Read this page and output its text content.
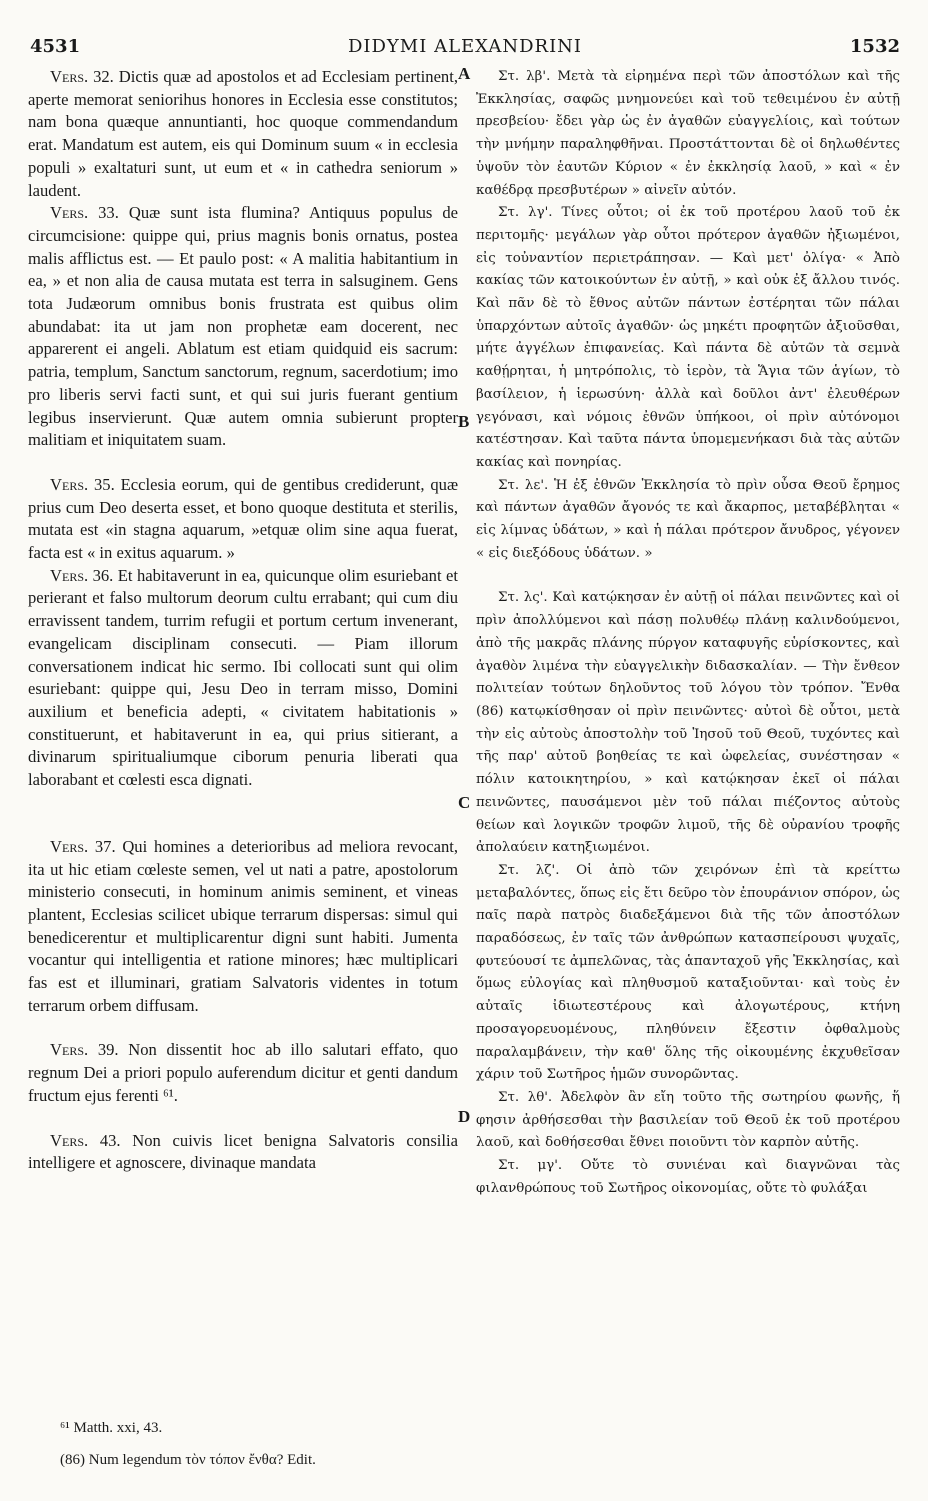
4531	DIDYMI ALEXANDRINI	1532

Vers. 32. Dictis quæ ad apostolos et ad Ecclesiam pertinent, aperte memorat seniorihus honores in Ecclesia esse constitutos; nam bona quæque annuntianti, hoc quoque commendandum erat. Mandatum est autem, eis qui Dominum suum « in ecclesia populi » exaltaturi sunt, ut eum et « in cathedra seniorum » laudent.

Vers. 33. Quæ sunt ista flumina? Antiquus populus de circumcisione: quippe qui, prius magnis bonis ornatus, postea malis afflictus est. — Et paulo post: « A malitia habitantium in ea, » et non alia de causa mutata est terra in salsuginem. Gens tota Judæorum omnibus bonis frustrata est quibus olim abundabat: ita ut jam non prophetæ eam docerent, nec apparerent ei angeli. Ablatum est etiam quidquid eis sacrum: patria, templum, Sanctum sanctorum, regnum, sacerdotium; imo pro liberis servi facti sunt, et qui sui juris fuerant gentium legibus inservierunt. Quæ autem omnia subierunt propter malitiam et iniquitatem suam.

Vers. 35. Ecclesia eorum, qui de gentibus crediderunt, quæ prius cum Deo deserta esset, et bono quoque destituta et sterilis, mutata est «in stagna aquarum, »etquæ olim sine aqua fuerat, facta est « in exitus aquarum. »

Vers. 36. Et habitaverunt in ea, quicunque olim esuriebant et perierant et falso multorum deorum cultu errabant; qui cum diu erravissent tandem, turrim refugii et portum certum invenerant, evangelicam disciplinam consecuti. — Piam illorum conversationem indicat hic sermo. Ibi collocati sunt qui olim esuriebant: quippe qui, Jesu Deo in terram misso, Domini auxilium et beneficia adepti, « civitatem habitationis » constituerunt, et habitaverunt in ea, qui prius sitierant, a divinarum spiritualiumque ciborum penuria liberati qua laborabant et cœlesti esca dignati.

Vers. 37. Qui homines a deterioribus ad meliora revocant, ita ut hic etiam cœleste semen, vel ut nati a patre, apostolorum ministerio consecuti, in hominum animis seminent, et vineas plantent, Ecclesias scilicet ubique terrarum dispersas: simul qui benedicerentur et multiplicarentur digni sunt habiti. Jumenta vocantur qui intelligentia et ratione minores; hæc multiplicari fas est et illuminari, gratiam Salvatoris videntes in totum terrarum orbem diffusam.

Vers. 39. Non dissentit hoc ab illo salutari effato, quo regnum Dei a priori populo auferendum dicitur et genti dandum fructum ejus ferenti ⁶¹.

Vers. 43. Non cuivis licet benigna Salvatoris consilia intelligere et agnoscere, divinaque mandata

A
B
C
D

Στ. λβ'. Μετὰ τὰ εἰρημένα περὶ τῶν ἀποστόλων καὶ τῆς Ἐκκλησίας, σαφῶς μνημονεύει καὶ τοῦ τεθειμένου ἐν αὐτῇ πρεσβείου· ἔδει γὰρ ὡς ἐν ἀγαθῶν εὐαγγελίοις, καὶ τούτων τὴν μνήμην παραληφθῆναι. Προστάττονται δὲ οἱ δηλωθέντες ὑψοῦν τὸν ἑαυτῶν Κύριον « ἐν ἐκκλησίᾳ λαοῦ, » καὶ « ἐν καθέδρᾳ πρεσβυτέρων » αἰνεῖν αὐτόν.

Στ. λγ'. Τίνες οὗτοι; οἱ ἐκ τοῦ προτέρου λαοῦ τοῦ ἐκ περιτομῆς· μεγάλων γὰρ οὗτοι πρότερον ἀγαθῶν ἠξιωμένοι, εἰς τοὐναντίον περιετράπησαν. — Καὶ μετ' ὀλίγα· « Ἀπὸ κακίας τῶν κατοικούντων ἐν αὐτῇ, » καὶ οὐκ ἐξ ἄλλου τινός. Καὶ πᾶν δὲ τὸ ἔθνος αὐτῶν πάντων ἐστέρηται τῶν πάλαι ὑπαρχόντων αὐτοῖς ἀγαθῶν· ὡς μηκέτι προφητῶν ἀξιοῦσθαι, μήτε ἀγγέλων ἐπιφανείας. Καὶ πάντα δὲ αὐτῶν τὰ σεμνὰ καθῄρηται, ἡ μητρόπολις, τὸ ἱερὸν, τὰ Ἅγια τῶν ἁγίων, τὸ βασίλειον, ἡ ἱερωσύνη· ἀλλὰ καὶ δοῦλοι ἀντ' ἐλευθέρων γεγόνασι, καὶ νόμοις ἐθνῶν ὑπήκοοι, οἱ πρὶν αὐτόνομοι κατέστησαν. Καὶ ταῦτα πάντα ὑπομεμενήκασι διὰ τὰς αὐτῶν κακίας καὶ πονηρίας.

Στ. λε'. Ἡ ἐξ ἐθνῶν Ἐκκλησία τὸ πρὶν οὖσα Θεοῦ ἔρημος καὶ πάντων ἀγαθῶν ἄγονός τε καὶ ἄκαρπος, μεταβέβληται « εἰς λίμνας ὑδάτων, » καὶ ἡ πάλαι πρότερον ἄνυδρος, γέγονεν « εἰς διεξόδους ὑδάτων. »

Στ. λς'. Καὶ κατῴκησαν ἐν αὐτῇ οἱ πάλαι πεινῶντες καὶ οἱ πρὶν ἀπολλύμενοι καὶ πάσῃ πολυθέῳ πλάνῃ καλινδούμενοι, ἀπὸ τῆς μακρᾶς πλάνης πύργον καταφυγῆς εὑρίσκοντες, καὶ ἀγαθὸν λιμένα τὴν εὐαγγελικὴν διδασκαλίαν. — Τὴν ἔνθεον πολιτείαν τούτων δηλοῦντος τοῦ λόγου τὸν τρόπον. Ἔνθα (86) κατῳκίσθησαν οἱ πρὶν πεινῶντες· αὐτοὶ δὲ οὗτοι, μετὰ τὴν εἰς αὐτοὺς ἀποστολὴν τοῦ Ἰησοῦ τοῦ Θεοῦ, τυχόντες καὶ τῆς παρ' αὐτοῦ βοηθείας τε καὶ ὠφελείας, συνέστησαν « πόλιν κατοικητηρίου, » καὶ κατῴκησαν ἐκεῖ οἱ πάλαι πεινῶντες, παυσάμενοι μὲν τοῦ πάλαι πιέζοντος αὐτοὺς θείων καὶ λογικῶν τροφῶν λιμοῦ, τῆς δὲ οὐρανίου τροφῆς ἀπολαύειν κατηξιωμένοι.

Στ. λζ'. Οἱ ἀπὸ τῶν χειρόνων ἐπὶ τὰ κρείττω μεταβαλόντες, ὅπως εἰς ἔτι δεῦρο τὸν ἐπουράνιον σπόρον, ὡς παῖς παρὰ πατρὸς διαδεξάμενοι διὰ τῆς τῶν ἀποστόλων παραδόσεως, ἐν ταῖς τῶν ἀνθρώπων κατασπείρουσι ψυχαῖς, φυτεύουσί τε ἀμπελῶνας, τὰς ἁπανταχοῦ γῆς Ἐκκλησίας, καὶ ὅμως εὐλογίας καὶ πληθυσμοῦ καταξιοῦνται· καὶ τοὺς ἐν αὐταῖς ἰδιωτεστέρους καὶ ἀλογωτέρους, κτήνη προσαγορευομένους, πληθύνειν ἔξεστιν ὀφθαλμοὺς παραλαμβάνειν, τὴν καθ' ὅλης τῆς οἰκουμένης ἐκχυθεῖσαν χάριν τοῦ Σωτῆρος ἡμῶν συνορῶντας.

Στ. λθ'. Ἀδελφὸν ἂν εἴη τοῦτο τῆς σωτηρίου φωνῆς, ἥ φησιν ἀρθήσεσθαι τὴν βασιλείαν τοῦ Θεοῦ ἐκ τοῦ προτέρου λαοῦ, καὶ δοθήσεσθαι ἔθνει ποιοῦντι τὸν καρπὸν αὐτῆς.

Στ. μγ'. Οὔτε τὸ συνιέναι καὶ διαγνῶναι τὰς φιλανθρώπους τοῦ Σωτῆρος οἰκονομίας, οὔτε τὸ φυλάξαι

⁶¹ Matth. xxi, 43.
(86) Num legendum τὸν τόπον ἔνθα? Edit.
